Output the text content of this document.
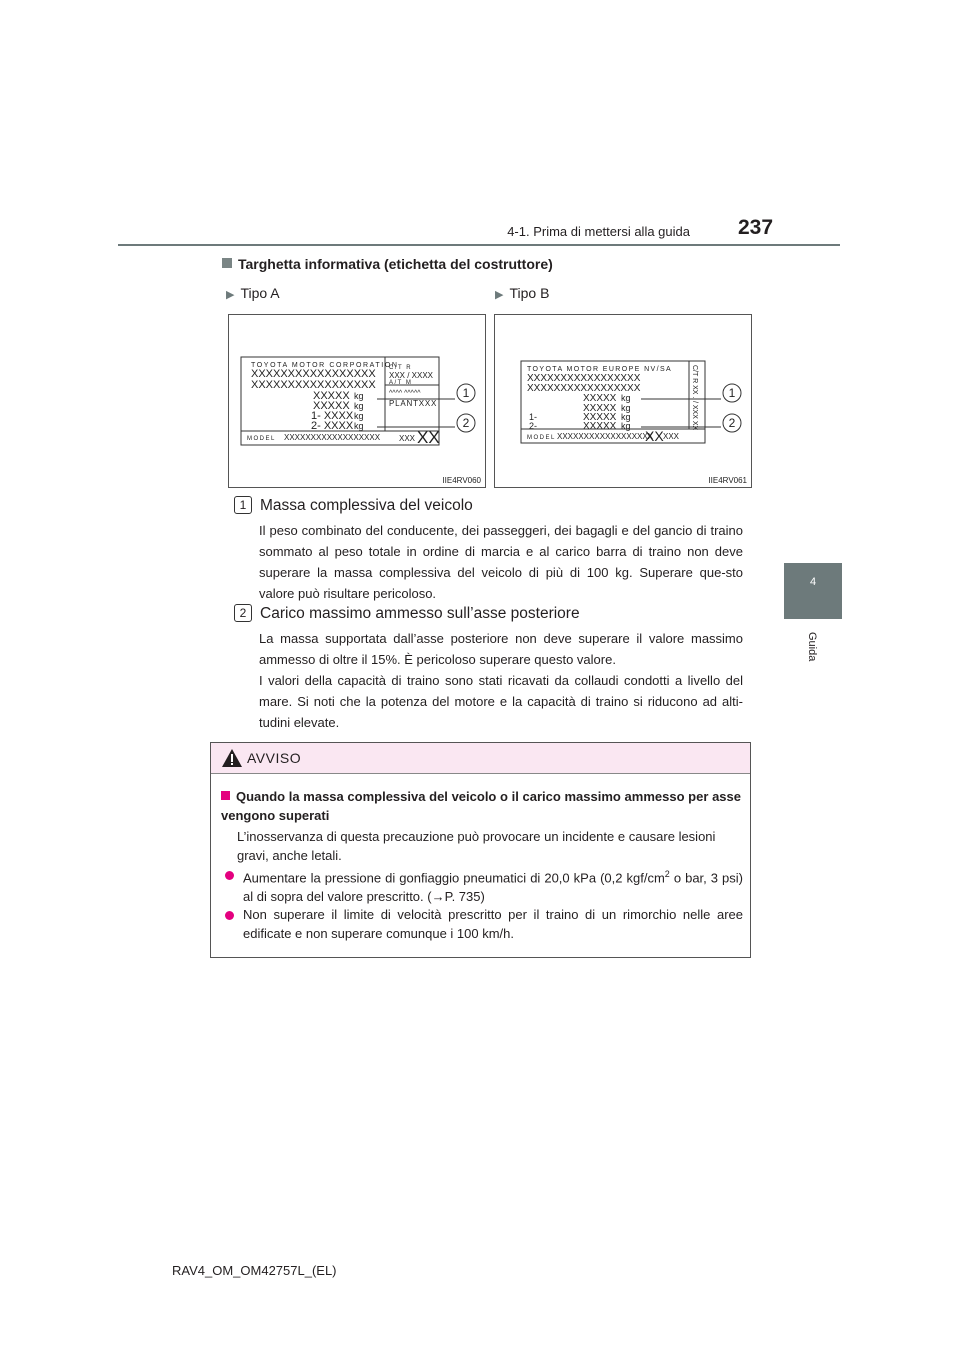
4-1. Prima di mettersi alla guida 237
4
Guida
Targhetta informativa (etichetta del costruttore)
▶ Tipo A	▶ Tipo B
TOYOTA MOTOR CORPORATION
XXXXXXXXXXXXXXXXX
XXXXXXXXXXXXXXXXX
XXXXX kg
XXXXX kg
1- XXXX kg
2- XXXX kg
C/T R
XXX / XXXX
A/T M
^^^^ ^^^^^
PLANTXXX
MODEL XXXXXXXXXXXXXXXXXX XXX XX
1
2
IIE4RV060
TOYOTA MOTOR EUROPE NV/SA
XXXXXXXXXXXXXXXXX
XXXXXXXXXXXXXXXXX
XXXXX kg
XXXXX kg
1-	XXXXX kg
2-	XXXXX kg
C/T R XX .
/ XXX XX
MODEL XXXXXXXXXXXXXXXXXX
XX XXX
1
2
IIE4RV061
1 Massa complessiva del veicolo
Il peso combinato del conducente, dei passeggeri, dei bagagli e del gancio di traino sommato al peso totale in ordine di marcia e al carico barra di traino non deve superare la massa complessiva del veicolo di più di 100 kg. Superare que-sto valore può risultare pericoloso.
2 Carico massimo ammesso sull’asse posteriore
La massa supportata dall’asse posteriore non deve superare il valore massimo ammesso di oltre il 15%. È pericoloso superare questo valore.
I valori della capacità di traino sono stati ricavati da collaudi condotti a livello del mare. Si noti che la potenza del motore e la capacità di traino si riducono ad alti-tudini elevate.
AVVISO
Quando la massa complessiva del veicolo o il carico massimo ammesso per asse vengono superati
L’inosservanza di questa precauzione può provocare un incidente e causare lesioni gravi, anche letali.
Aumentare la pressione di gonfiaggio pneumatici di 20,0 kPa (0,2 kgf/$cm^2$ o bar, 3 psi) al di sopra del valore prescritto. (→P. 735)
Non superare il limite di velocità prescritto per il traino di un rimorchio nelle aree edificate e non superare comunque i 100 km/h.
RAV4_OM_OM42757L_(EL)
